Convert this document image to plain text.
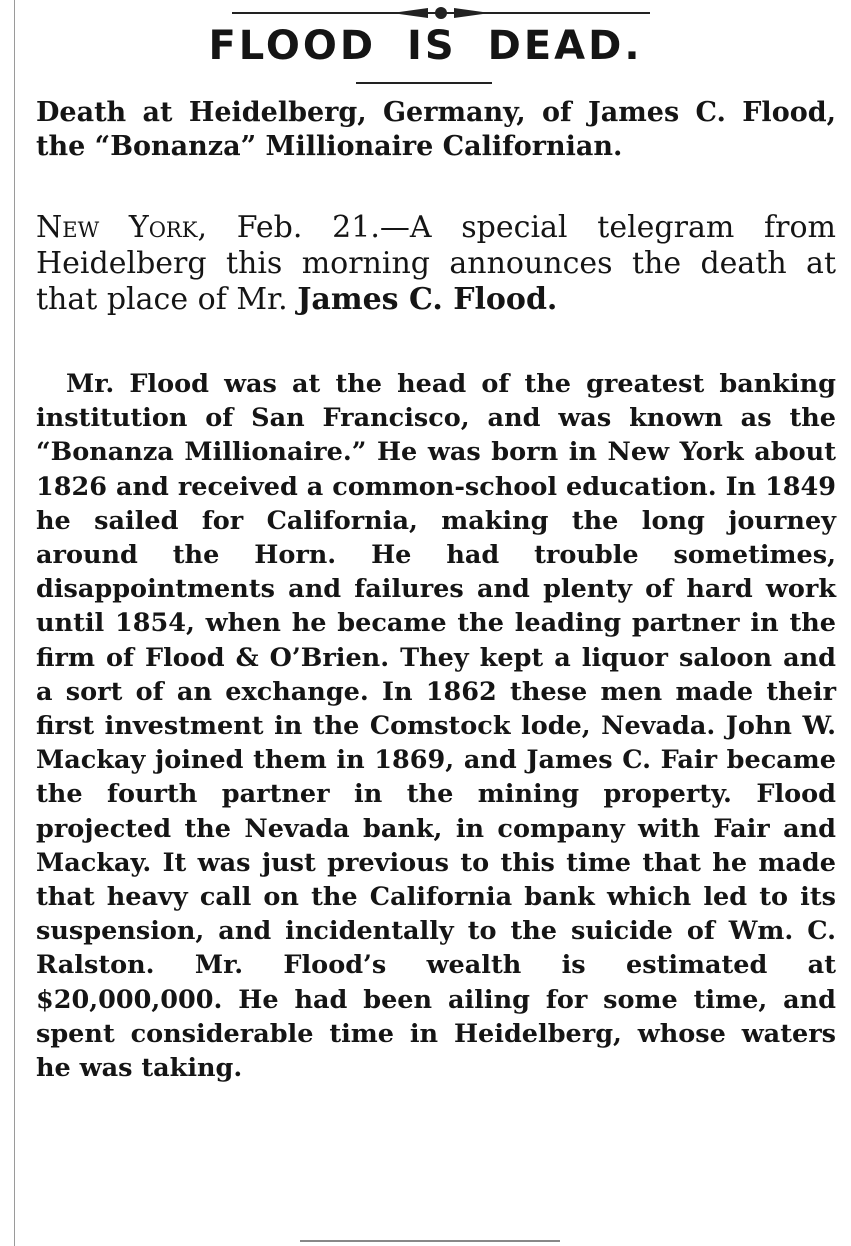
FLOOD IS DEAD.
Death at Heidelberg, Germany, of James C. Flood, the “Bonanza” Millionaire Californian.

New York, Feb. 21.—A special telegram from Heidelberg this morning announces the death at that place of Mr. James C. Flood.

Mr. Flood was at the head of the greatest banking institution of San Francisco, and was known as the “Bonanza Millionaire.” He was born in New York about 1826 and received a common-school education. In 1849 he sailed for California, making the long journey around the Horn. He had trouble sometimes, disappointments and failures and plenty of hard work until 1854, when he became the leading partner in the firm of Flood & O’Brien. They kept a liquor saloon and a sort of an exchange. In 1862 these men made their first investment in the Comstock lode, Nevada. John W. Mackay joined them in 1869, and James C. Fair became the fourth partner in the mining property. Flood projected the Nevada bank, in company with Fair and Mackay. It was just previous to this time that he made that heavy call on the California bank which led to its suspension, and incidentally to the suicide of Wm. C. Ralston. Mr. Flood’s wealth is estimated at $20,000,000. He had been ailing for some time, and spent considerable time in Heidelberg, whose waters he was taking.
